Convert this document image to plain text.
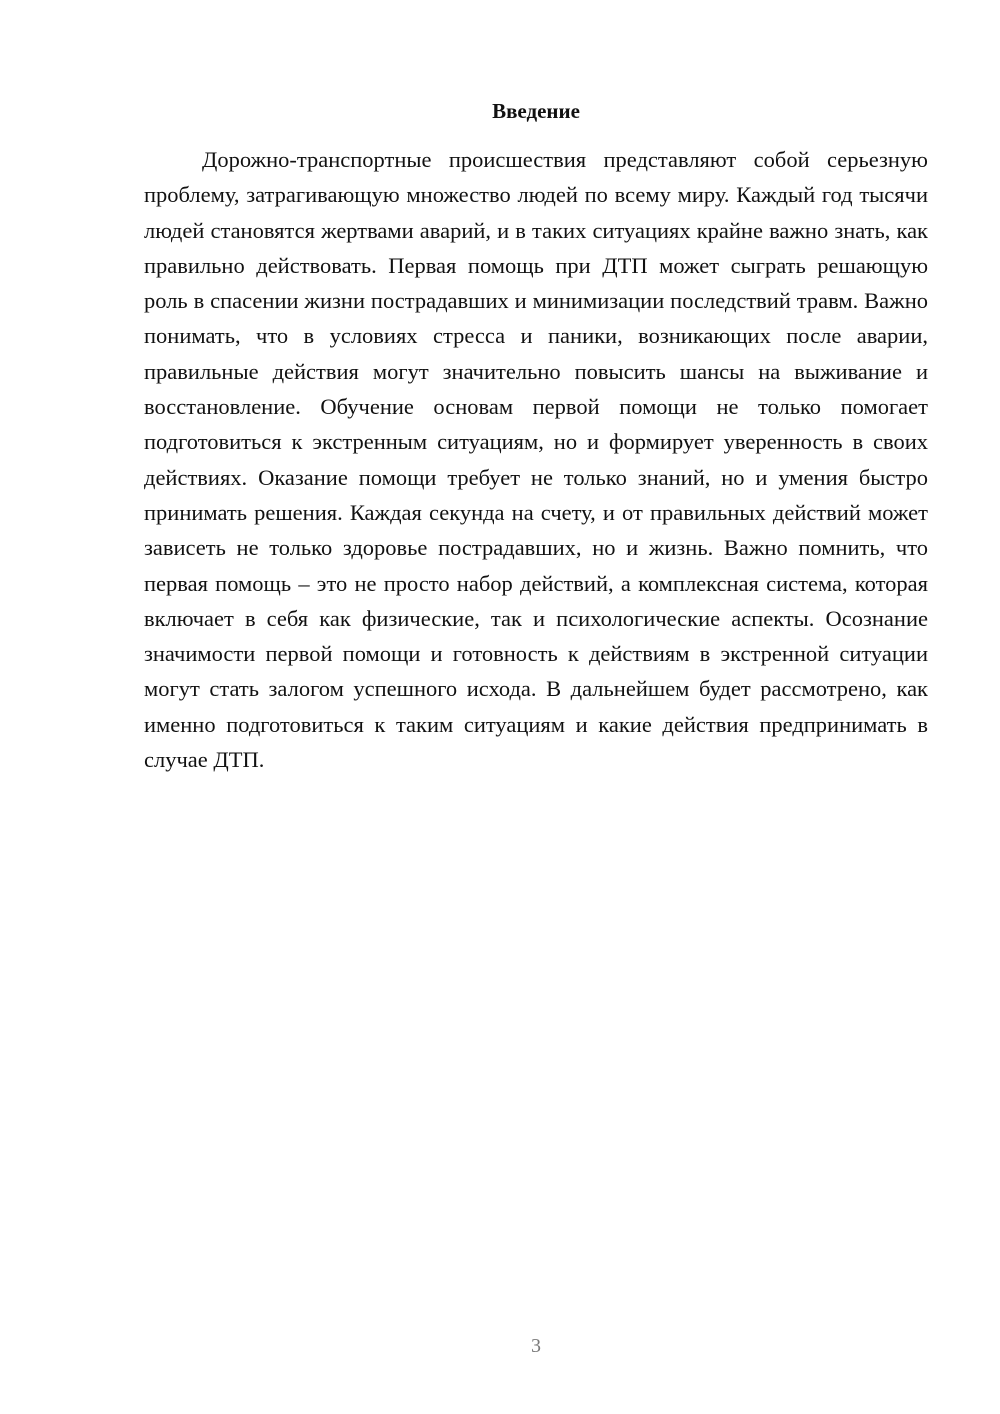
Введение

Дорожно-транспортные происшествия представляют собой серьезную проблему, затрагивающую множество людей по всему миру. Каждый год тысячи людей становятся жертвами аварий, и в таких ситуациях крайне важно знать, как правильно действовать. Первая помощь при ДТП может сыграть решающую роль в спасении жизни пострадавших и минимизации последствий травм. Важно понимать, что в условиях стресса и паники, возникающих после аварии, правильные действия могут значительно повысить шансы на выживание и восстановление. Обучение основам первой помощи не только помогает подготовиться к экстренным ситуациям, но и формирует уверенность в своих действиях. Оказание помощи требует не только знаний, но и умения быстро принимать решения. Каждая секунда на счету, и от правильных действий может зависеть не только здоровье пострадавших, но и жизнь. Важно помнить, что первая помощь – это не просто набор действий, а комплексная система, которая включает в себя как физические, так и психологические аспекты. Осознание значимости первой помощи и готовность к действиям в экстренной ситуации могут стать залогом успешного исхода. В дальнейшем будет рассмотрено, как именно подготовиться к таким ситуациям и какие действия предпринимать в случае ДТП.

3
